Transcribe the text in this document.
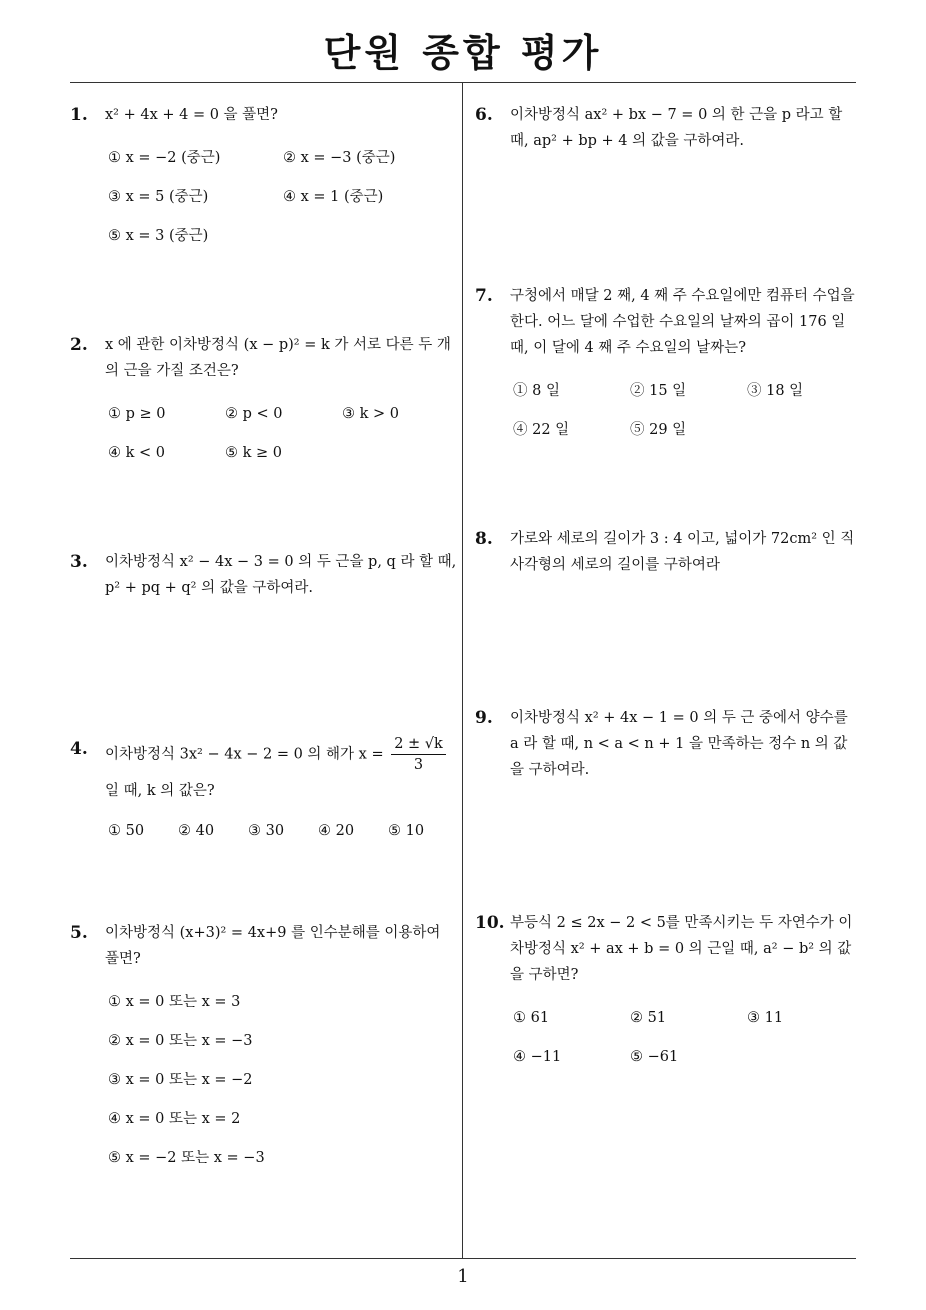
단원 종합 평가
1
1. x² + 4x + 4 = 0 을 풀면?
① x = −2 (중근)	② x = −3 (중근)
③ x = 5 (중근)	④ x = 1 (중근)
⑤ x = 3 (중근)
2. x 에 관한 이차방정식 (x − p)² = k 가 서로 다른 두 개의 근을 가질 조건은?
① p ≥ 0	② p < 0	③ k > 0
④ k < 0	⑤ k ≥ 0
3. 이차방정식 x² − 4x − 3 = 0 의 두 근을 p, q 라 할 때, p² + pq + q² 의 값을 구하여라.
4. 이차방정식 3x² − 4x − 2 = 0 의 해가 $x = \frac{2 \pm √k}{3}$
일 때, k 의 값은?
① 50	② 40	③ 30	④ 20	⑤ 10
5. 이차방정식 (x+3)² = 4x+9 를 인수분해를 이용하여 풀면?
① x = 0 또는 x = 3
② x = 0 또는 x = −3
③ x = 0 또는 x = −2
④ x = 0 또는 x = 2
⑤ x = −2 또는 x = −3
6. 이차방정식 ax² + bx − 7 = 0 의 한 근을 p 라고 할 때, ap² + bp + 4 의 값을 구하여라.
7. 구청에서 매달 2 째, 4 째 주 수요일에만 컴퓨터 수업을 한다. 어느 달에 수업한 수요일의 날짜의 곱이 176 일 때, 이 달에 4 째 주 수요일의 날짜는?
① 8 일	② 15 일	③ 18 일
④ 22 일	⑤ 29 일
8. 가로와 세로의 길이가 3 : 4 이고, 넓이가 72cm² 인 직사각형의 세로의 길이를 구하여라
9. 이차방정식 x² + 4x − 1 = 0 의 두 근 중에서 양수를 a 라 할 때, n < a < n + 1 을 만족하는 정수 n 의 값을 구하여라.
10. 부등식 2 ≤ 2x − 2 < 5를 만족시키는 두 자연수가 이차방정식 x² + ax + b = 0 의 근일 때, a² − b² 의 값을 구하면?
① 61	② 51	③ 11
④ −11	⑤ −61
